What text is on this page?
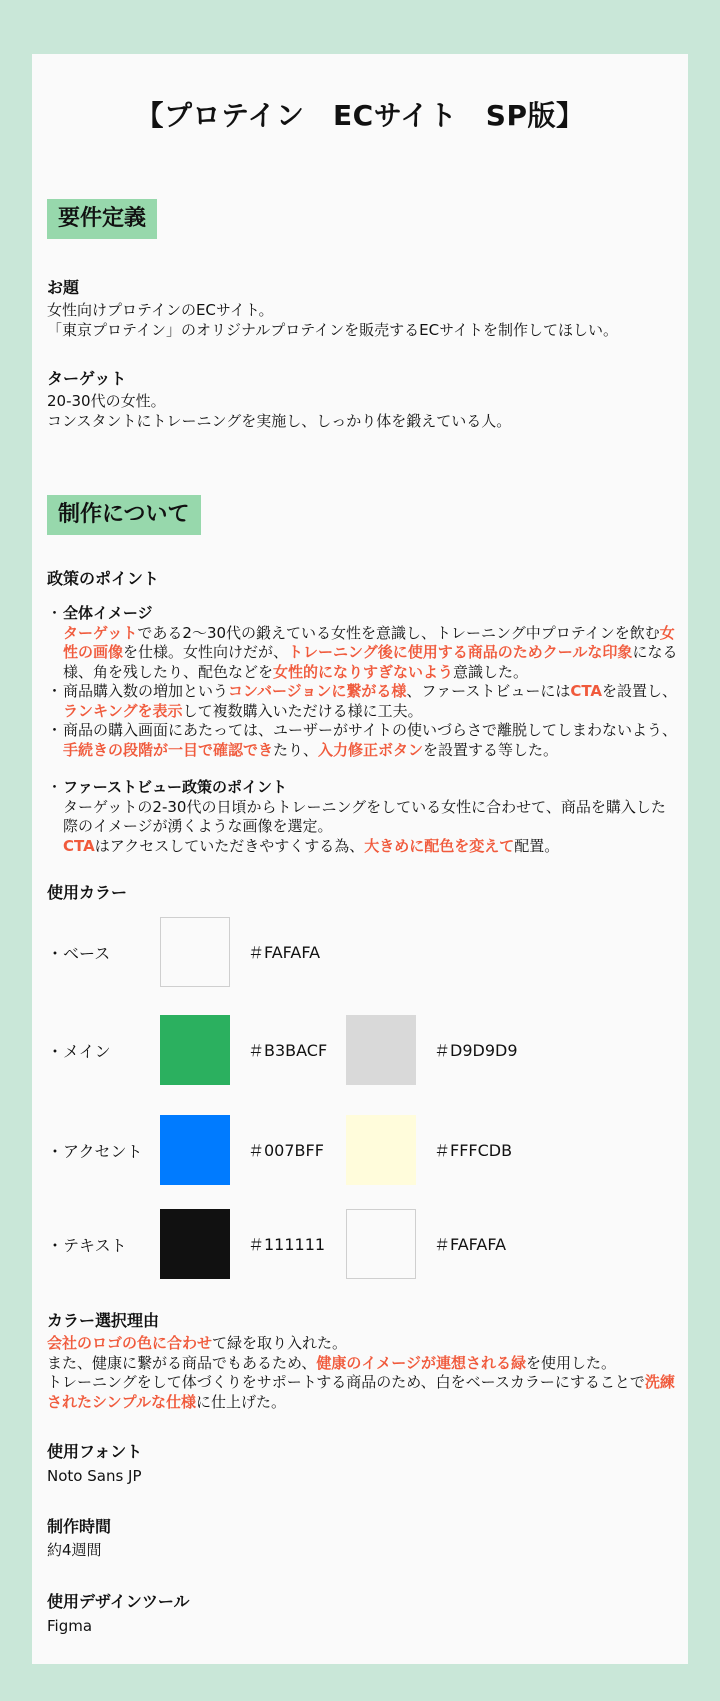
【プロテイン　ECサイト　SP版】
要件定義
お題
女性向けプロテインのECサイト。
「東京プロテイン」のオリジナルプロテインを販売するECサイトを制作してほしい。
ターゲット
20-30代の女性。
コンスタントにトレーニングを実施し、しっかり体を鍛えている人。
制作について
政策のポイント
・ 全体イメージ
ターゲットである2〜30代の鍛えている女性を意識し、トレーニング中プロテインを飲む女性の画像を仕様。女性向けだが、トレーニング後に使用する商品のためクールな印象になる様、角を残したり、配色などを女性的になりすぎないよう意識した。
・ 商品購入数の増加というコンバージョンに繋がる様、ファーストビューにはCTAを設置し、ランキングを表示して複数購入いただける様に工夫。
・ 商品の購入画面にあたっては、ユーザーがサイトの使いづらさで離脱してしまわないよう、手続きの段階が一目で確認できたり、入力修正ボタンを設置する等した。
・ ファーストビュー政策のポイント
ターゲットの2-30代の日頃からトレーニングをしている女性に合わせて、商品を購入した際のイメージが湧くような画像を選定。
CTAはアクセスしていただきやすくする為、大きめに配色を変えて配置。
使用カラー
・ベース	＃FAFAFA
・メイン	＃B3BACF	＃D9D9D9
・アクセント	＃007BFF	＃FFFCDB
・テキスト	＃111111	＃FAFAFA
カラー選択理由
会社のロゴの色に合わせて緑を取り入れた。
また、健康に繋がる商品でもあるため、健康のイメージが連想される緑を使用した。
トレーニングをして体づくりをサポートする商品のため、白をベースカラーにすることで洗練されたシンプルな仕様に仕上げた。
使用フォント
Noto Sans JP
制作時間
約4週間
使用デザインツール
Figma
